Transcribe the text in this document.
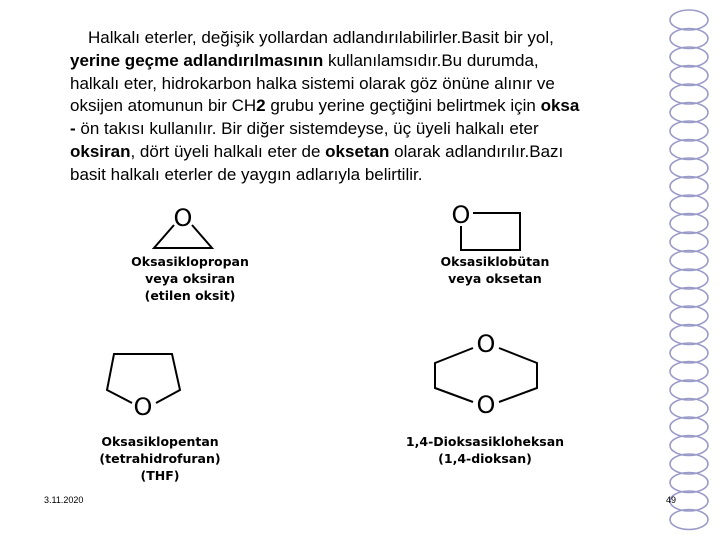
Halkalı eterler, değişik yollardan adlandırılabilirler.Basit bir yol,
yerine geçme adlandırılmasının kullanılamsıdır.Bu durumda,
halkalı eter, hidrokarbon halka sistemi olarak göz önüne alınır ve
oksijen atomunun bir CH2 grubu yerine geçtiğini belirtmek için oksa
- ön takısı kullanılır. Bir diğer sistemdeyse, üç üyeli halkalı eter
oksiran, dört üyeli halkalı eter de oksetan olarak adlandırılır.Bazı
basit halkalı eterler de yaygın adlarıyla belirtilir.
O
Oksasiklopropan
veya oksiran
(etilen oksit)
O
Oksasiklobütan
veya oksetan
O
Oksasiklopentan
(tetrahidrofuran)
(THF)
O
O
1,4-Dioksasikloheksan
(1,4-dioksan)
3.11.2020	49
